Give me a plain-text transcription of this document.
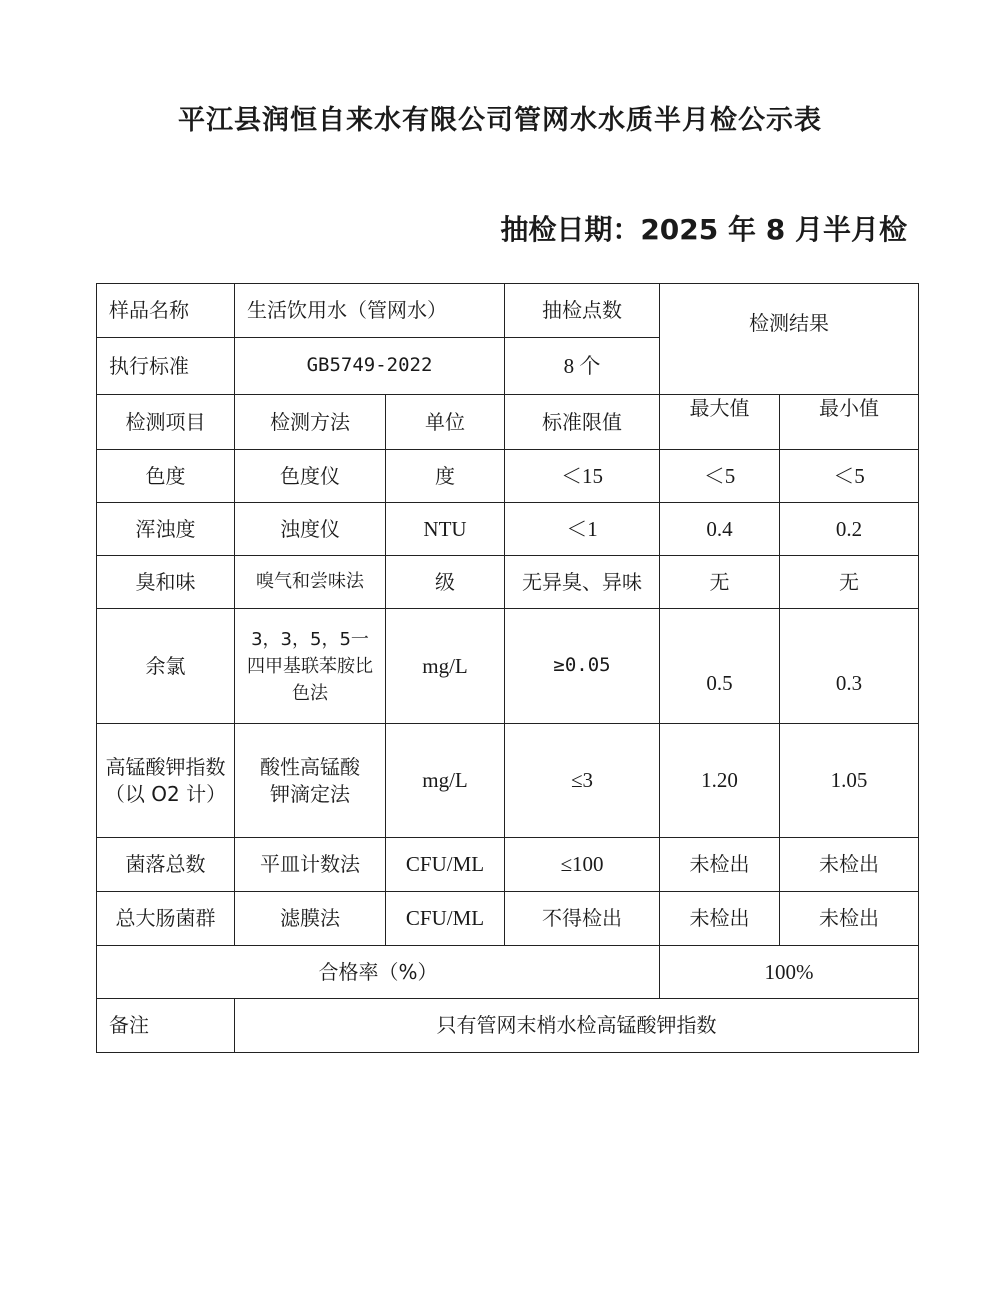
平江县润恒自来水有限公司管网水水质半月检公示表
抽检日期：2025 年 8 月半月检
样品名称	生活饮用水（管网水）		抽检点数	检测结果	
执行标准	GB5749-2022		8 个		
检测项目	检测方法	单位	标准限值	最大值	最小值
色度	色度仪	度	＜15	＜5	＜5
浑浊度	浊度仪	NTU	＜1	0.4	0.2
臭和味	嗅气和尝味法	级	无异臭、异味	无	无
余氯	3，3，5，5一四甲基联苯胺比色法	mg/L	≥0.05	0.5	0.3
高锰酸钾指数（以 O2 计）	酸性高锰酸钾滴定法	mg/L	≤3	1.20	1.05
菌落总数	平皿计数法	CFU/ML	≤100	未检出	未检出
总大肠菌群	滤膜法	CFU/ML	不得检出	未检出	未检出
合格率（%）				100%	
备注	只有管网末梢水检高锰酸钾指数				
